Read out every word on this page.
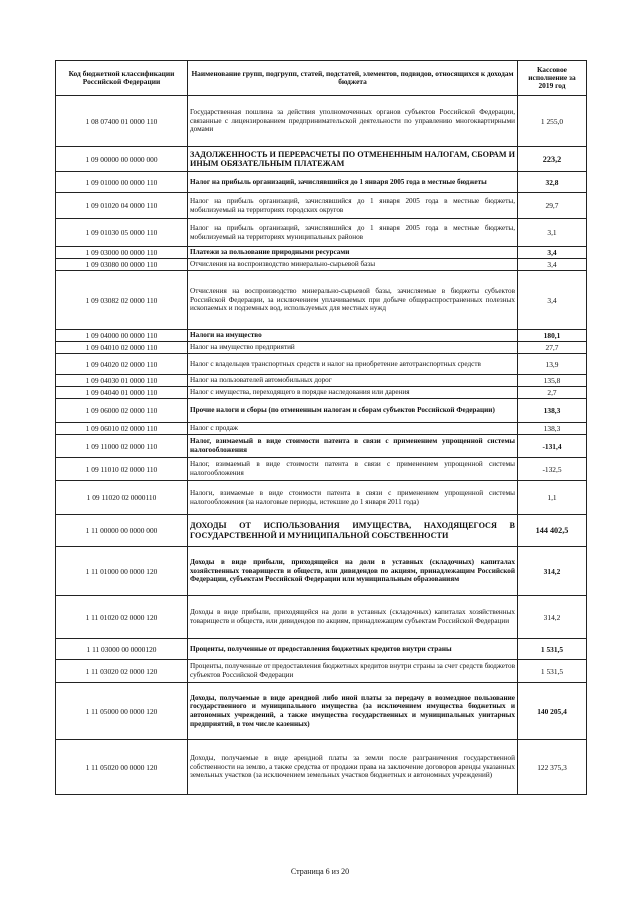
Код бюджетной классификации Российской Федерации	Наименование групп, подгрупп, статей, подстатей, элементов, подвидов, относящихся к доходам бюджета	Кассовое исполнение за 2019 год
1 08 07400 01 0000 110	Государственная пошлина за действия уполномоченных органов субъектов Российской Федерации, связанные с лицензированием предпринимательской деятельности по управлению многоквартирными домами	1 255,0
1 09 00000 00 0000 000	ЗАДОЛЖЕННОСТЬ И ПЕРЕРАСЧЕТЫ ПО ОТМЕНЕННЫМ НАЛОГАМ, СБОРАМ И ИНЫМ ОБЯЗАТЕЛЬНЫМ ПЛАТЕЖАМ	223,2
1 09 01000 00 0000 110	Налог на прибыль организаций, зачислявшийся до 1 января 2005 года в местные бюджеты	32,8
1 09 01020 04 0000 110	Налог на прибыль организаций, зачислявшийся до 1 января 2005 года в местные бюджеты, мобилизуемый на территориях городских округов	29,7
1 09 01030 05 0000 110	Налог на прибыль организаций, зачислявшийся до 1 января 2005 года в местные бюджеты, мобилизуемый на территориях муниципальных районов	3,1
1 09 03000 00 0000 110	Платежи за пользование природными ресурсами	3,4
1 09 03080 00 0000 110	Отчисления на воспроизводство минерально-сырьевой базы	3,4
1 09 03082 02 0000 110	Отчисления на воспроизводство минерально-сырьевой базы, зачисляемые в бюджеты субъектов Российской Федерации, за исключением уплачиваемых при добыче общераспространенных полезных ископаемых и подземных вод, используемых для местных нужд	3,4
1 09 04000 00 0000 110	Налоги на имущество	180,1
1 09 04010 02 0000 110	Налог на имущество предприятий	27,7
1 09 04020 02 0000 110	Налог с владельцев транспортных средств и налог на приобретение автотранспортных средств	13,9
1 09 04030 01 0000 110	Налог на пользователей автомобильных дорог	135,8
1 09 04040 01 0000 110	Налог с имущества, переходящего в порядке наследования или дарения	2,7
1 09 06000 02 0000 110	Прочие налоги и сборы (по отмененным налогам и сборам субъектов Российской Федерации)	138,3
1 09 06010 02 0000 110	Налог с продаж	138,3
1 09 11000 02 0000 110	Налог, взимаемый в виде стоимости патента в связи с применением упрощенной системы налогообложения	-131,4
1 09 11010 02 0000 110	Налог, взимаемый в виде стоимости патента в связи с применением упрощенной системы налогообложения	-132,5
1 09 11020 02 0000110	Налоги, взимаемые в виде стоимости патента в связи с применением упрощенной системы налогообложения (за налоговые периоды, истекшие до 1 января 2011 года)	1,1
1 11 00000 00 0000 000	ДОХОДЫ ОТ ИСПОЛЬЗОВАНИЯ ИМУЩЕСТВА, НАХОДЯЩЕГОСЯ В ГОСУДАРСТВЕННОЙ И МУНИЦИПАЛЬНОЙ СОБСТВЕННОСТИ	144 402,5
1 11 01000 00 0000 120	Доходы в виде прибыли, приходящейся на доли в уставных (складочных) капиталах хозяйственных товариществ и обществ, или дивидендов по акциям, принадлежащим Российской Федерации, субъектам Российской Федерации или муниципальным образованиям	314,2
1 11 01020 02 0000 120	Доходы в виде прибыли, приходящейся на доли в уставных (складочных) капиталах хозяйственных товариществ и обществ, или дивидендов по акциям, принадлежащим субъектам Российской Федерации	314,2
1 11 03000 00 0000120	Проценты, полученные от предоставления бюджетных кредитов внутри страны	1 531,5
1 11 03020 02 0000 120	Проценты, полученные от предоставления бюджетных кредитов внутри страны за счет средств бюджетов субъектов Российской Федерации	1 531,5
1 11 05000 00 0000 120	Доходы, получаемые в виде арендной либо иной платы за передачу в возмездное пользование государственного и муниципального имущества (за исключением имущества бюджетных и автономных учреждений, а также имущества государственных и муниципальных унитарных предприятий, в том числе казенных)	140 205,4
1 11 05020 00 0000 120	Доходы, получаемые в виде арендной платы за земли после разграничения государственной собственности на землю, а также средства от продажи права на заключение договоров аренды указанных земельных участков (за исключением земельных участков бюджетных и автономных учреждений)	122 375,3
Страница 6 из 20
